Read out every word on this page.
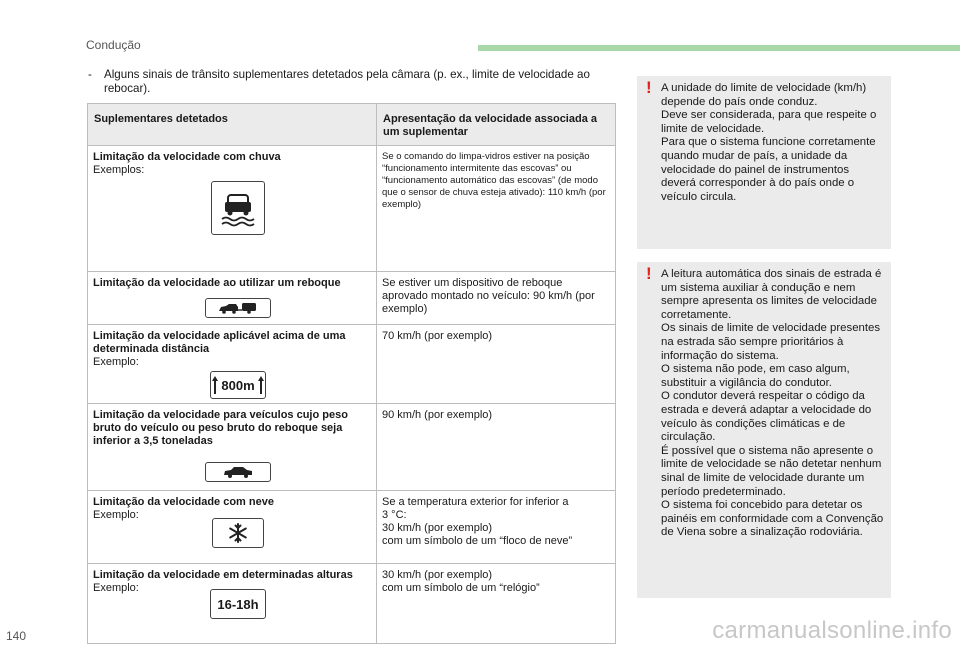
Condução
- Alguns sinais de trânsito suplementares detetados pela câmara (p. ex., limite de velocidade ao rebocar).
Suplementares detetados	Apresentação da velocidade associada a um suplementar

Limitação da velocidade com chuva
Exemplos:	Se o comando do limpa-vidros estiver na posição “funcionamento intermitente das escovas” ou “funcionamento automático das escovas” (de modo que o sensor de chuva esteja ativado): 110 km/h (por exemplo)

Limitação da velocidade ao utilizar um reboque	Se estiver um dispositivo de reboque aprovado montado no veículo: 90 km/h (por exemplo)

Limitação da velocidade aplicável acima de uma determinada distância
Exemplo:
800m	70 km/h (por exemplo)

Limitação da velocidade para veículos cujo peso bruto do veículo ou peso bruto do reboque seja inferior a 3,5 toneladas	90 km/h (por exemplo)

Limitação da velocidade com neve
Exemplo:	Se a temperatura exterior for inferior a
3 °C:
30 km/h (por exemplo)
com um símbolo de um “floco de neve”

Limitação da velocidade em determinadas alturas
Exemplo:
16-18h	30 km/h (por exemplo)
com um símbolo de um “relógio”
! A unidade do limite de velocidade (km/h) depende do país onde conduz.

Deve ser considerada, para que respeite o limite de velocidade.

Para que o sistema funcione corretamente quando mudar de país, a unidade da velocidade do painel de instrumentos deverá corresponder à do país onde o veículo circula.

! A leitura automática dos sinais de estrada é um sistema auxiliar à condução e nem sempre apresenta os limites de velocidade corretamente.

Os sinais de limite de velocidade presentes na estrada são sempre prioritários à informação do sistema.

O sistema não pode, em caso algum, substituir a vigilância do condutor.

O condutor deverá respeitar o código da estrada e deverá adaptar a velocidade do veículo às condições climáticas e de circulação.

É possível que o sistema não apresente o limite de velocidade se não detetar nenhum sinal de limite de velocidade durante um período predeterminado.

O sistema foi concebido para detetar os painéis em conformidade com a Convenção de Viena sobre a sinalização rodoviária.

140	carmanualsonline.info
